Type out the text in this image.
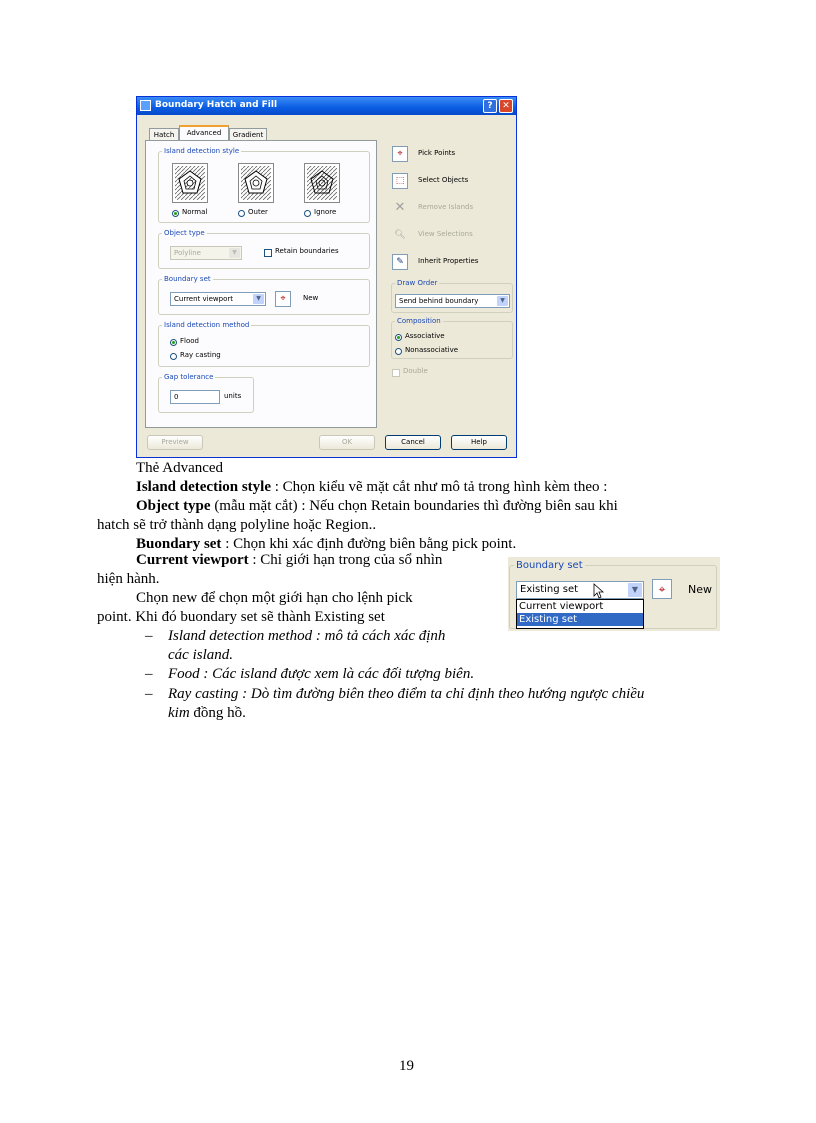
Boundary Hatch and Fill	?	✕
Hatch	Advanced	Gradient
Island detection style
Normal	Outer	Ignore
Object type
Polyline	▼	Retain boundaries
Boundary set
Current viewport	▼	⌖	New
Island detection method
Flood
Ray casting
Gap tolerance
0	units
⌖	Pick Points
⬚	Select Objects
✕	Remove Islands
🔍︎	View Selections
✎	Inherit Properties
Draw Order
Send behind boundary	▼
Composition
Associative
Nonassociative
Double
Preview	OK	Cancel	Help
Thẻ Advanced
Island detection style : Chọn kiểu vẽ mặt cắt như mô tả trong hình kèm theo :
Object type (mẫu mặt cắt) : Nếu chọn Retain boundaries thì đường biên sau khi
hatch sẽ trở thành dạng polyline hoặc Region..
Buondary set : Chọn khi xác định đường biên bằng pick point.
Current viewport : Chỉ giới hạn trong của sổ nhìn
hiện hành.
Chọn new để chọn một giới hạn cho lệnh pick
point. Khi đó buondary set sẽ thành Existing set
– Island detection method : mô tả cách xác định
các island.
– Food : Các island được xem là các đối tượng biên.
– Ray casting : Dò tìm đường biên theo điểm ta chỉ định theo hướng ngược chiều
kim đồng hồ.
Boundary set
Existing set	▼
Current viewport
Existing set
⌖	New
19
